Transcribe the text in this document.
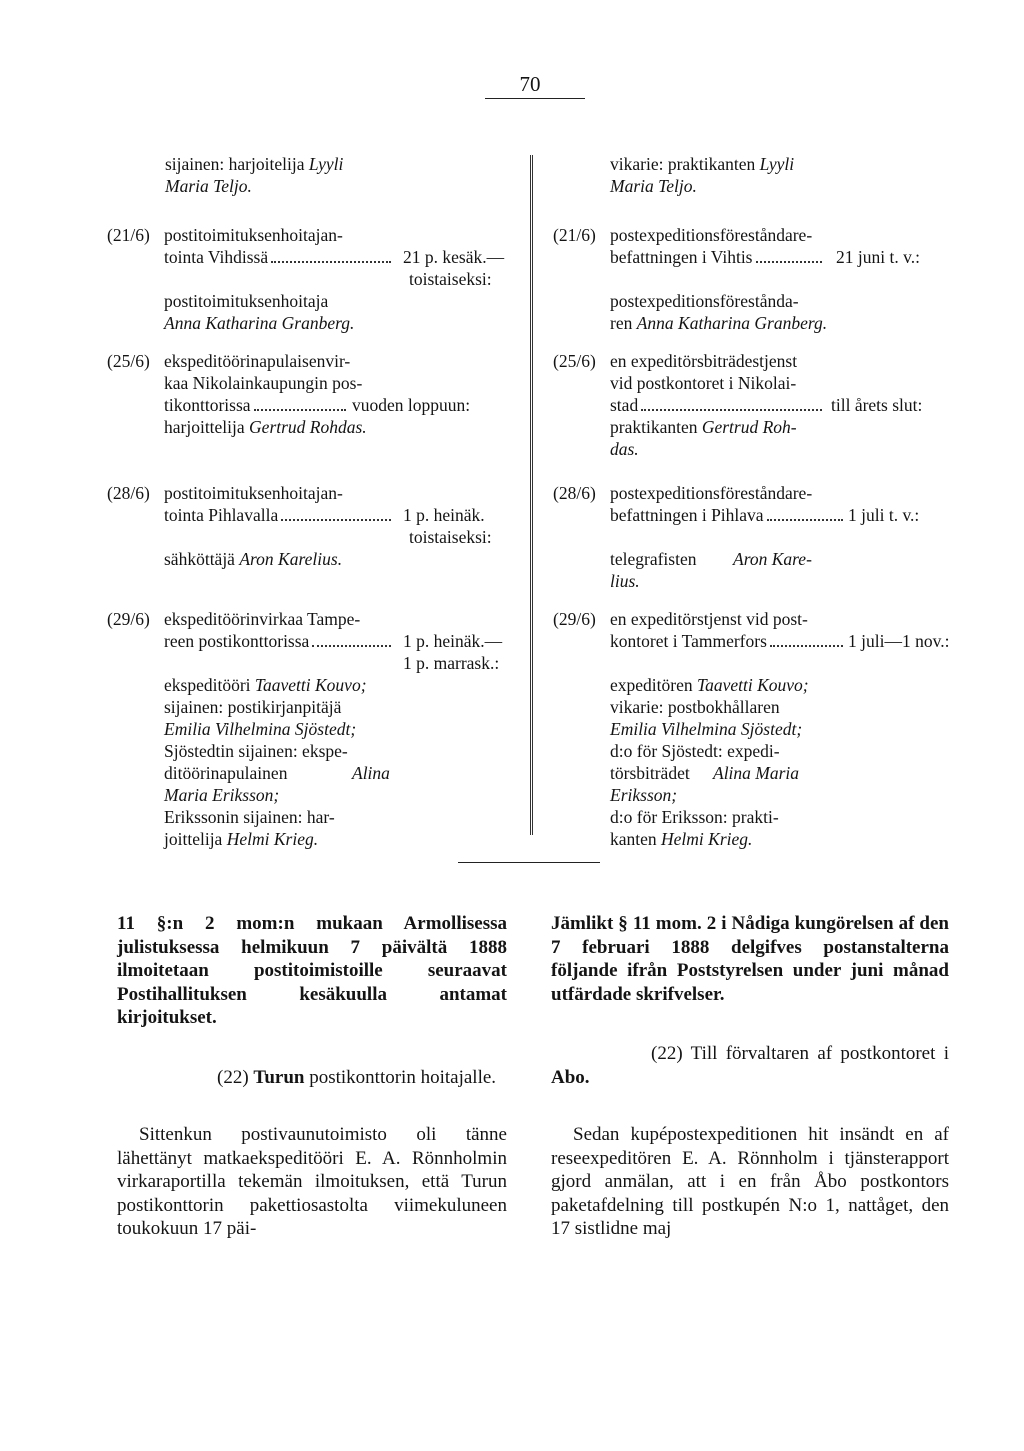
70
sijainen: harjoitelija Lyyli
Maria Teljo.
vikarie: praktikanten Lyyli
Maria Teljo.
(21/6) postitoimituksenhoitajan-
tointa Vihdissä	21 p. kesäk.—
toistaiseksi:
postitoimituksenhoitaja
Anna Katharina Granberg.
(25/6) ekspeditöörinapulaisenvir-
kaa Nikolainkaupungin pos-
tikonttorissa	vuoden loppuun:
harjoittelija Gertrud Rohdas.
(28/6) postitoimituksenhoitajan-
tointa Pihlavalla	1 p. heinäk.
toistaiseksi:
sähköttäjä Aron Karelius.
(29/6) ekspeditöörinvirkaa Tampe-
reen postikonttorissa	1 p. heinäk.—
1 p. marrask.:
ekspeditööri Taavetti Kouvo;
sijainen: postikirjanpitäjä
Emilia Vilhelmina Sjöstedt;
Sjöstedtin sijainen: ekspe-
ditöörinapulainen	Alina
Maria Eriksson;
Erikssonin sijainen: har-
joittelija Helmi Krieg.
(21/6) postexpeditionsföreståndare-
befattningen i Vihtis	21 juni t. v.:
postexpeditionsförestånda-
ren Anna Katharina Granberg.
(25/6) en expeditörsbiträdestjenst
vid postkontoret i Nikolai-
stad	till årets slut:
praktikanten Gertrud Roh-
das.
(28/6) postexpeditionsföreståndare-
befattningen i Pihlava	1 juli t. v.:
telegrafisten Aron Kare-
lius.
(29/6) en expeditörstjenst vid post-
kontoret i Tammerfors	1 juli—1 nov.:
expeditören Taavetti Kouvo;
vikarie: postbokhållaren
Emilia Vilhelmina Sjöstedt;
d:o för Sjöstedt: expedi-
törsbiträdet Alina Maria
Eriksson;
d:o för Eriksson: prakti-
kanten Helmi Krieg.

11 §:n 2 mom:n mukaan Armollisessa julistuksessa helmikuun 7 päivältä 1888 ilmoitetaan postitoimistoille seuraavat Postihallituksen kesäkuulla antamat kirjoitukset.

(22) Turun postikonttorin hoitajalle.

Sittenkun postivaunutoimisto oli tänne lähettänyt matkaekspeditööri E. A. Rönnholmin virkaraportilla tekemän ilmoituksen, että Turun postikonttorin pakettiosastolta viimekuluneen toukokuun 17 päi-

Jämlikt § 11 mom. 2 i Nådiga kungörelsen af den 7 februari 1888 delgifves postanstalterna följande ifrån Poststyrelsen under juni månad utfärdade skrifvelser.

(22) Till förvaltaren af postkontoret i Abo.

Sedan kupépostexpeditionen hit insändt en af reseexpeditören E. A. Rönnholm i tjänsterapport gjord anmälan, att i en från Åbo postkontors paketafdelning till postkupén N:o 1, nattåget, den 17 sistlidne maj
